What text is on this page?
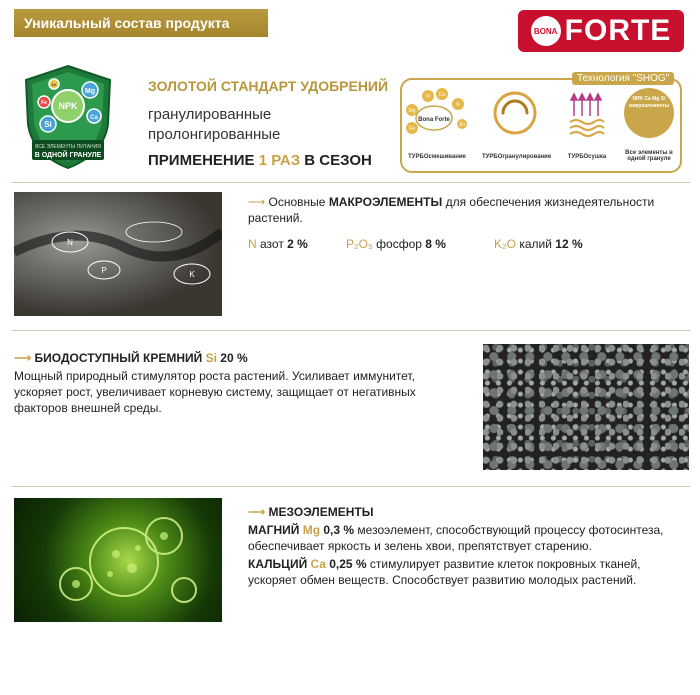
Уникальный состав продукта	BONA FORTE
NPK
Mg
Ca
Si
Fe
Zn
ВСЕ ЭЛЕМЕНТЫ ПИТАНИЯ
В ОДНОЙ ГРАНУЛЕ
ЗОЛОТОЙ СТАНДАРТ УДОБРЕНИЙ
гранулированные
пролонгированные
ПРИМЕНЕНИЕ 1 РАЗ В СЕЗОН
Технология "SHOG"
Bona Forte
P Ca
K
Mg
Fe
Zn
NPK Ca Mg Si микроэлементы
ТУРБОсмешивание	ТУРБОгранулирование	ТУРБОсушка
Все элементы в одной грануле
N
P	K
⟶ Основные МАКРОЭЛЕМЕНТЫ для обеспечения жизнедеятельности растений.
N азот 2 %	P₂O₅ фосфор 8 %	K₂O калий 12 %
⟶ БИОДОСТУПНЫЙ КРЕМНИЙ Si 20 %
Мощный природный стимулятор роста растений. Усиливает иммунитет,
ускоряет рост, увеличивает корневую систему, защищает от негативных
факторов внешней среды.
⟶ МЕЗОЭЛЕМЕНТЫ
МАГНИЙ Mg 0,3 % мезоэлемент, способствующий процессу фотосинтеза,
обеспечивает яркость и зелень хвои, препятствует старению.
КАЛЬЦИЙ Ca 0,25 % стимулирует развитие клеток покровных тканей,
ускоряет обмен веществ. Способствует развитию молодых растений.
